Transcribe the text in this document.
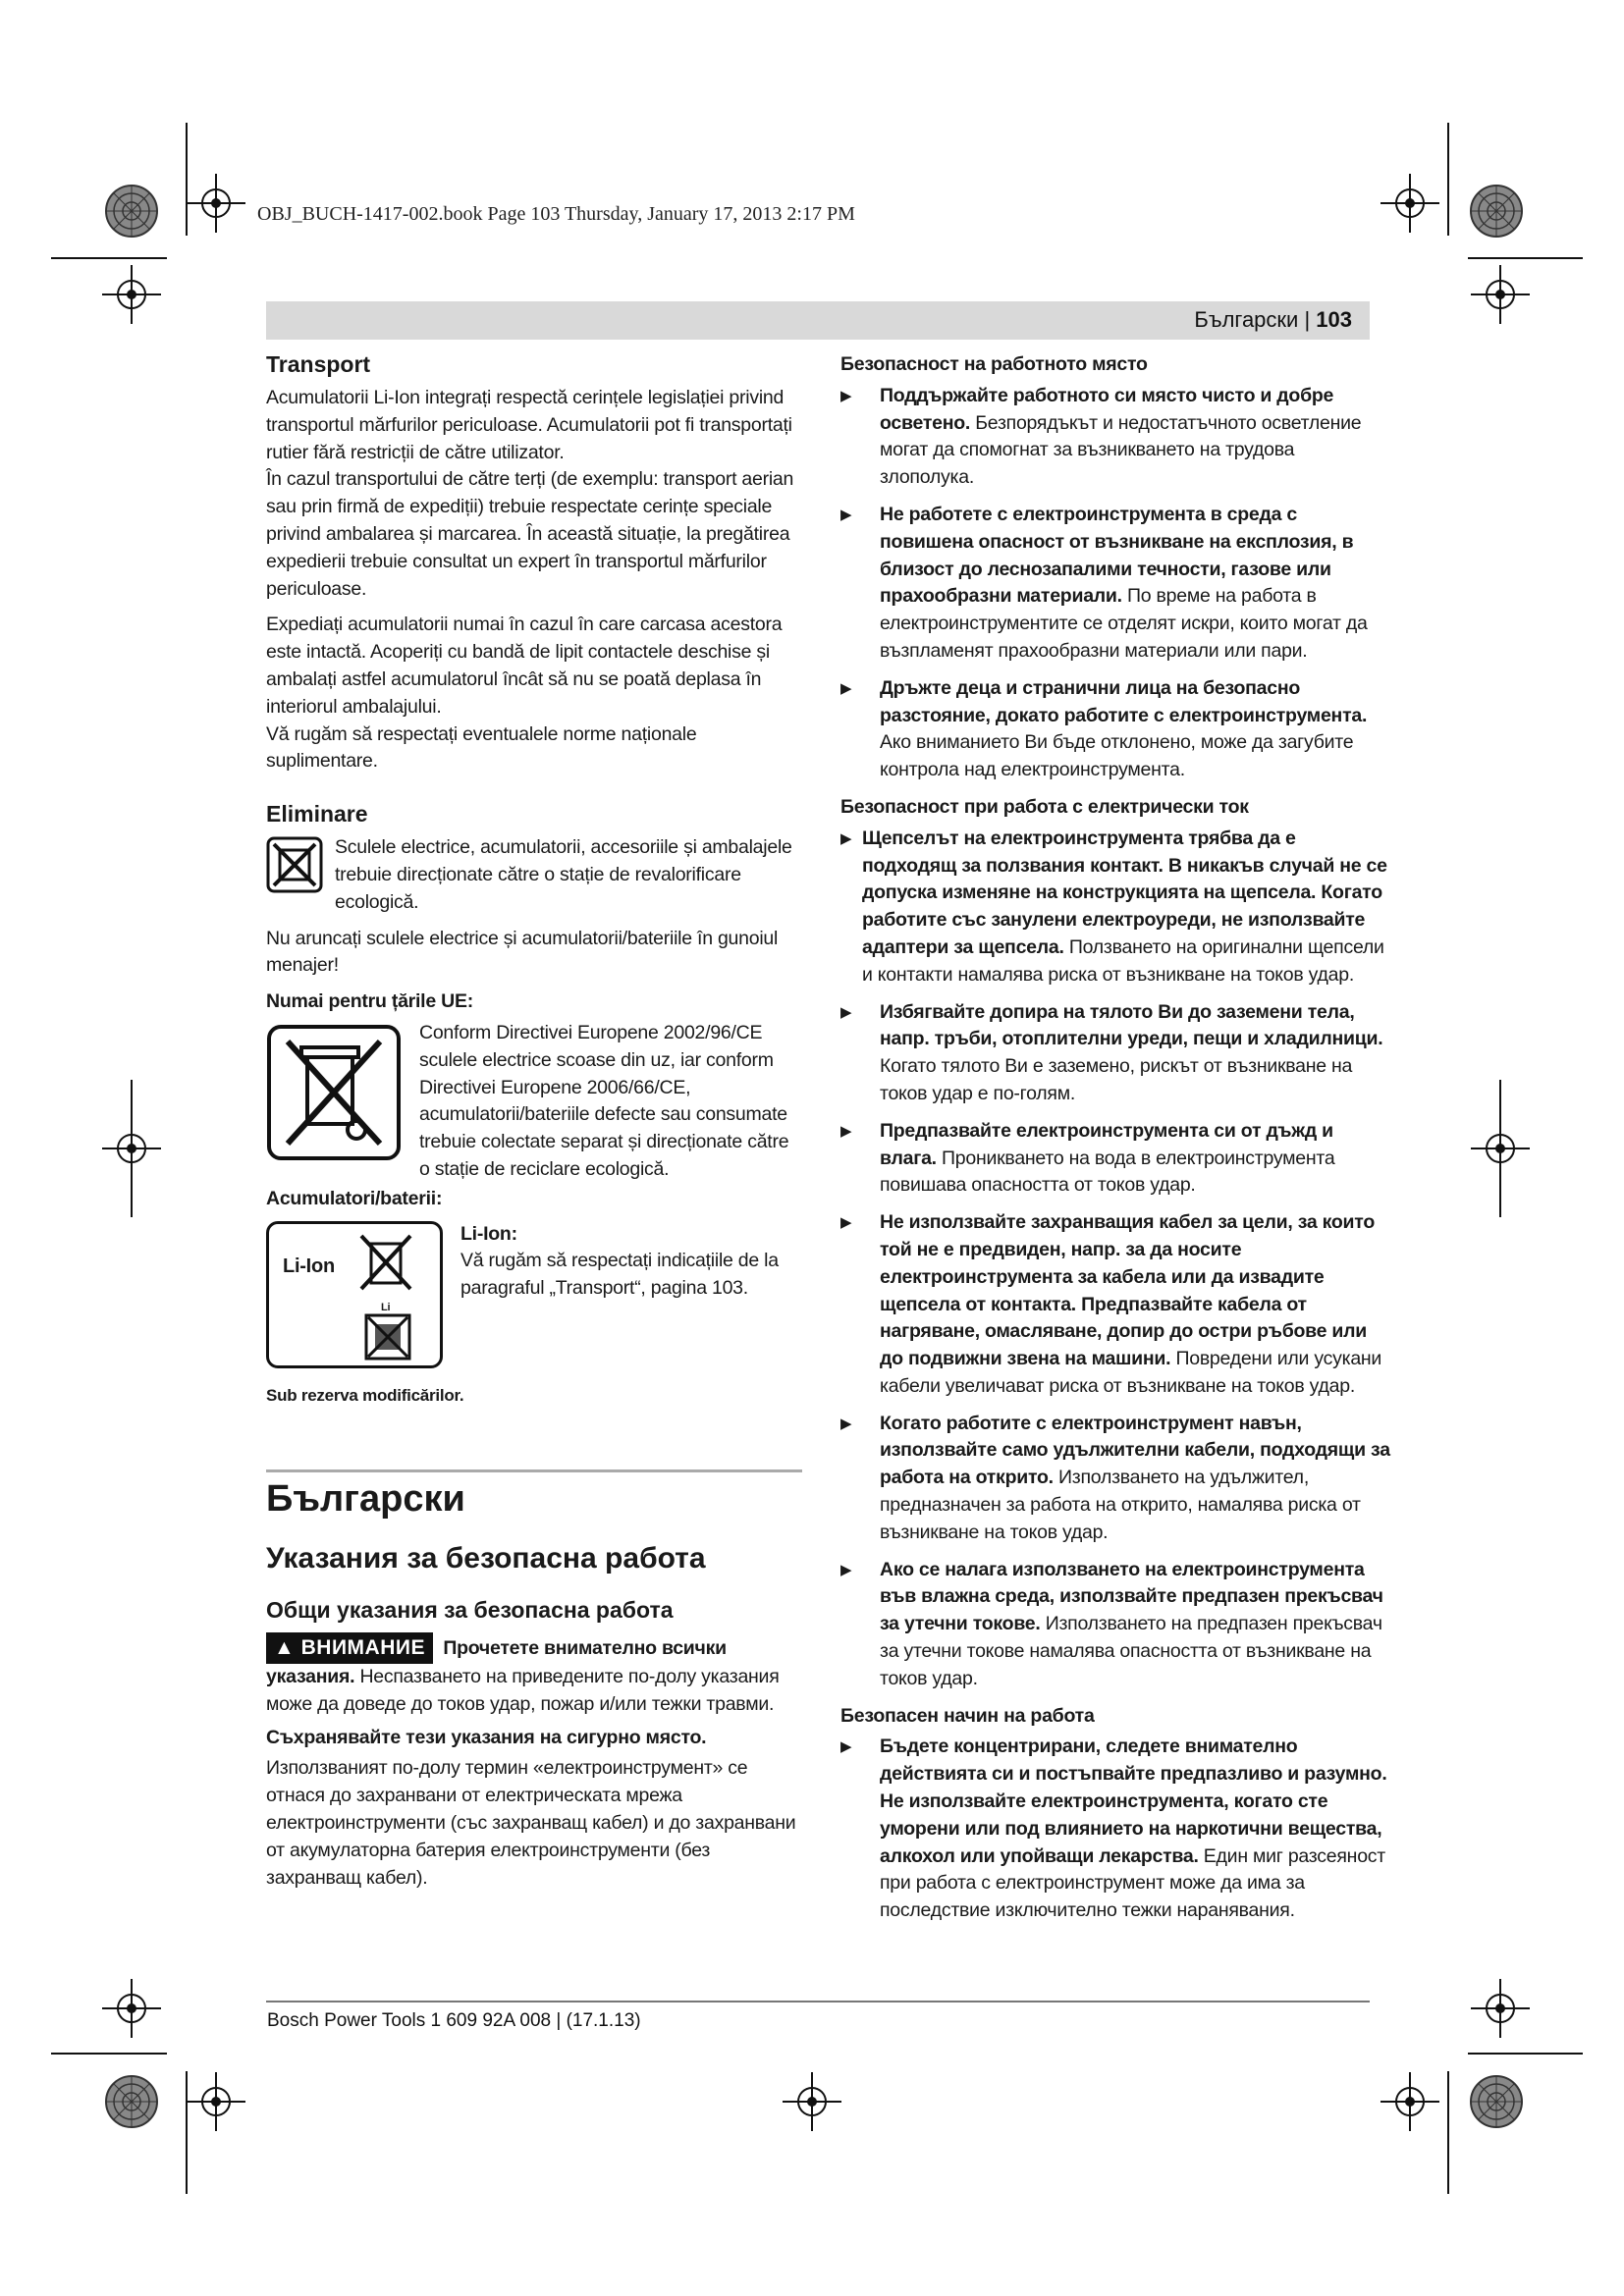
OBJ_BUCH-1417-002.book Page 103 Thursday, January 17, 2013 2:17 PM
Български | 103
Transport

Acumulatorii Li-Ion integrați respectă cerințele legislației privind transportul mărfurilor periculoase. Acumulatorii pot fi transportați rutier fără restricții de către utilizator.

În cazul transportului de către terți (de exemplu: transport aerian sau prin firmă de expediții) trebuie respectate cerințe speciale privind ambalarea și marcarea. În această situație, la pregătirea expedierii trebuie consultat un expert în transportul mărfurilor periculoase.

Expediați acumulatorii numai în cazul în care carcasa acestora este intactă. Acoperiți cu bandă de lipit contactele deschise și ambalați astfel acumulatorul încât să nu se poată deplasa în interiorul ambalajului.

Vă rugăm să respectați eventualele norme naționale suplimentare.

Eliminare

Sculele electrice, acumulatorii, accesoriile și ambalajele trebuie direcționate către o stație de revalorificare ecologică.

Nu aruncați sculele electrice și acumulatorii/bateriile în gunoiul menajer!

Numai pentru țările UE:

Conform Directivei Europene 2002/96/CE sculele electrice scoase din uz, iar conform Directivei Europene 2006/66/CE, acumulatorii/bateriile defecte sau consumate trebuie colectate separat și direcționate către o stație de reciclare ecologică.

Acumulatori/baterii:

Li-Ion
Li

Li-Ion:

Vă rugăm să respectați indicațiile de la paragraful „Transport“, pagina 103.

Sub rezerva modificărilor.

Български
Указания за безопасна работа
Общи указания за безопасна работа

▲ ВНИМАНИЕ Прочетете внимателно всички указания. Неспазването на приведените по-долу указания може да доведе до токов удар, пожар и/или тежки травми.

Съхранявайте тези указания на сигурно място.

Използваният по-долу термин «електроинструмент» се отнася до захранвани от електрическата мрежа електроинструменти (със захранващ кабел) и до захранвани от акумулаторна батерия електроинструменти (без захранващ кабел).

Безопасност на работното място

▶	Поддържайте работното си място чисто и добре осветено. Безпорядъкът и недостатъчното осветление могат да спомогнат за възникването на трудова злополука.
▶	Не работете с електроинструмента в среда с повишена опасност от възникване на експлозия, в близост до леснозапалими течности, газове или прахообразни материали. По време на работа в електроинструментите се отделят искри, които могат да възпламенят прахообразни материали или пари.
▶	Дръжте деца и странични лица на безопасно разстояние, докато работите с електроинструмента. Ако вниманието Ви бъде отклонено, може да загубите контрола над електроинструмента.

Безопасност при работа с електрически ток

▶ Щепселът на електроинструмента трябва да е подходящ за ползвания контакт. В никакъв случай не се допуска изменяне на конструкцията на щепсела. Когато работите със занулени електроуреди, не използвайте адаптери за щепсела. Ползването на оригинални щепсели и контакти намалява риска от възникване на токов удар.
▶	Избягвайте допира на тялото Ви до заземени тела, напр. тръби, отоплителни уреди, пещи и хладилници. Когато тялото Ви е заземено, рискът от възникване на токов удар е по-голям.
▶	Предпазвайте електроинструмента си от дъжд и влага. Проникването на вода в електроинструмента повишава опасността от токов удар.
▶	Не използвайте захранващия кабел за цели, за които той не е предвиден, напр. за да носите електроинструмента за кабела или да извадите щепсела от контакта. Предпазвайте кабела от нагряване, омасляване, допир до остри ръбове или до подвижни звена на машини. Повредени или усукани кабели увеличават риска от възникване на токов удар.
▶	Когато работите с електроинструмент навън, използвайте само удължителни кабели, подходящи за работа на открито. Използването на удължител, предназначен за работа на открито, намалява риска от възникване на токов удар.
▶	Ако се налага използването на електроинструмента във влажна среда, използвайте предпазен прекъсвач за утечни токове. Използването на предпазен прекъсвач за утечни токове намалява опасността от възникване на токов удар.

Безопасен начин на работа

▶	Бъдете концентрирани, следете внимателно действията си и постъпвайте предпазливо и разумно. Не използвайте електроинструмента, когато сте уморени или под влиянието на наркотични вещества, алкохол или упойващи лекарства. Един миг разсеяност при работа с електроинструмент може да има за последствие изключително тежки наранявания.
Bosch Power Tools 1 609 92A 008 | (17.1.13)
